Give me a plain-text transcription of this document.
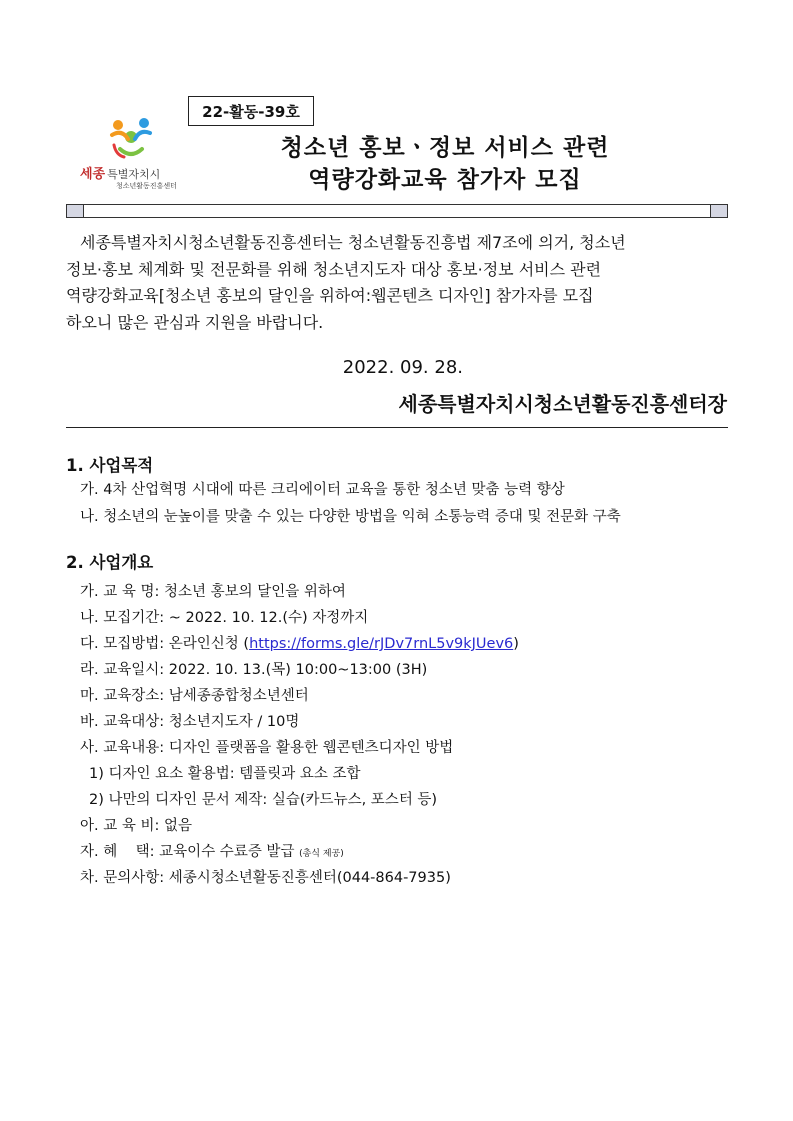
22-활동-39호
세종 특별자치시
청소년활동진흥센터
청소년 홍보ㆍ정보 서비스 관련
역량강화교육 참가자 모집
세종특별자치시청소년활동진흥센터는 청소년활동진흥법 제7조에 의거, 청소년
정보·홍보 체계화 및 전문화를 위해 청소년지도자 대상 홍보·정보 서비스 관련
역량강화교육[청소년 홍보의 달인을 위하여:웹콘텐츠 디자인] 참가자를 모집
하오니 많은 관심과 지원을 바랍니다.
2022. 09. 28.
세종특별자치시청소년활동진흥센터장
1. 사업목적
가. 4차 산업혁명 시대에 따른 크리에이터 교육을 통한 청소년 맞춤 능력 향상
나. 청소년의 눈높이를 맞출 수 있는 다양한 방법을 익혀 소통능력 증대 및 전문화 구축
2. 사업개요
가. 교 육 명: 청소년 홍보의 달인을 위하여
나. 모집기간: ~ 2022. 10. 12.(수) 자정까지
다. 모집방법: 온라인신청 (https://forms.gle/rJDv7rnL5v9kJUev6)
라. 교육일시: 2022. 10. 13.(목) 10:00~13:00 (3H)
마. 교육장소: 남세종종합청소년센터
바. 교육대상: 청소년지도자 / 10명
사. 교육내용: 디자인 플랫폼을 활용한 웹콘텐츠디자인 방법
1) 디자인 요소 활용법: 템플릿과 요소 조합
2) 나만의 디자인 문서 제작: 실습(카드뉴스, 포스터 등)
아. 교 육 비: 없음
자. 혜    택: 교육이수 수료증 발급 (총식 제공)
차. 문의사항: 세종시청소년활동진흥센터(044-864-7935)
